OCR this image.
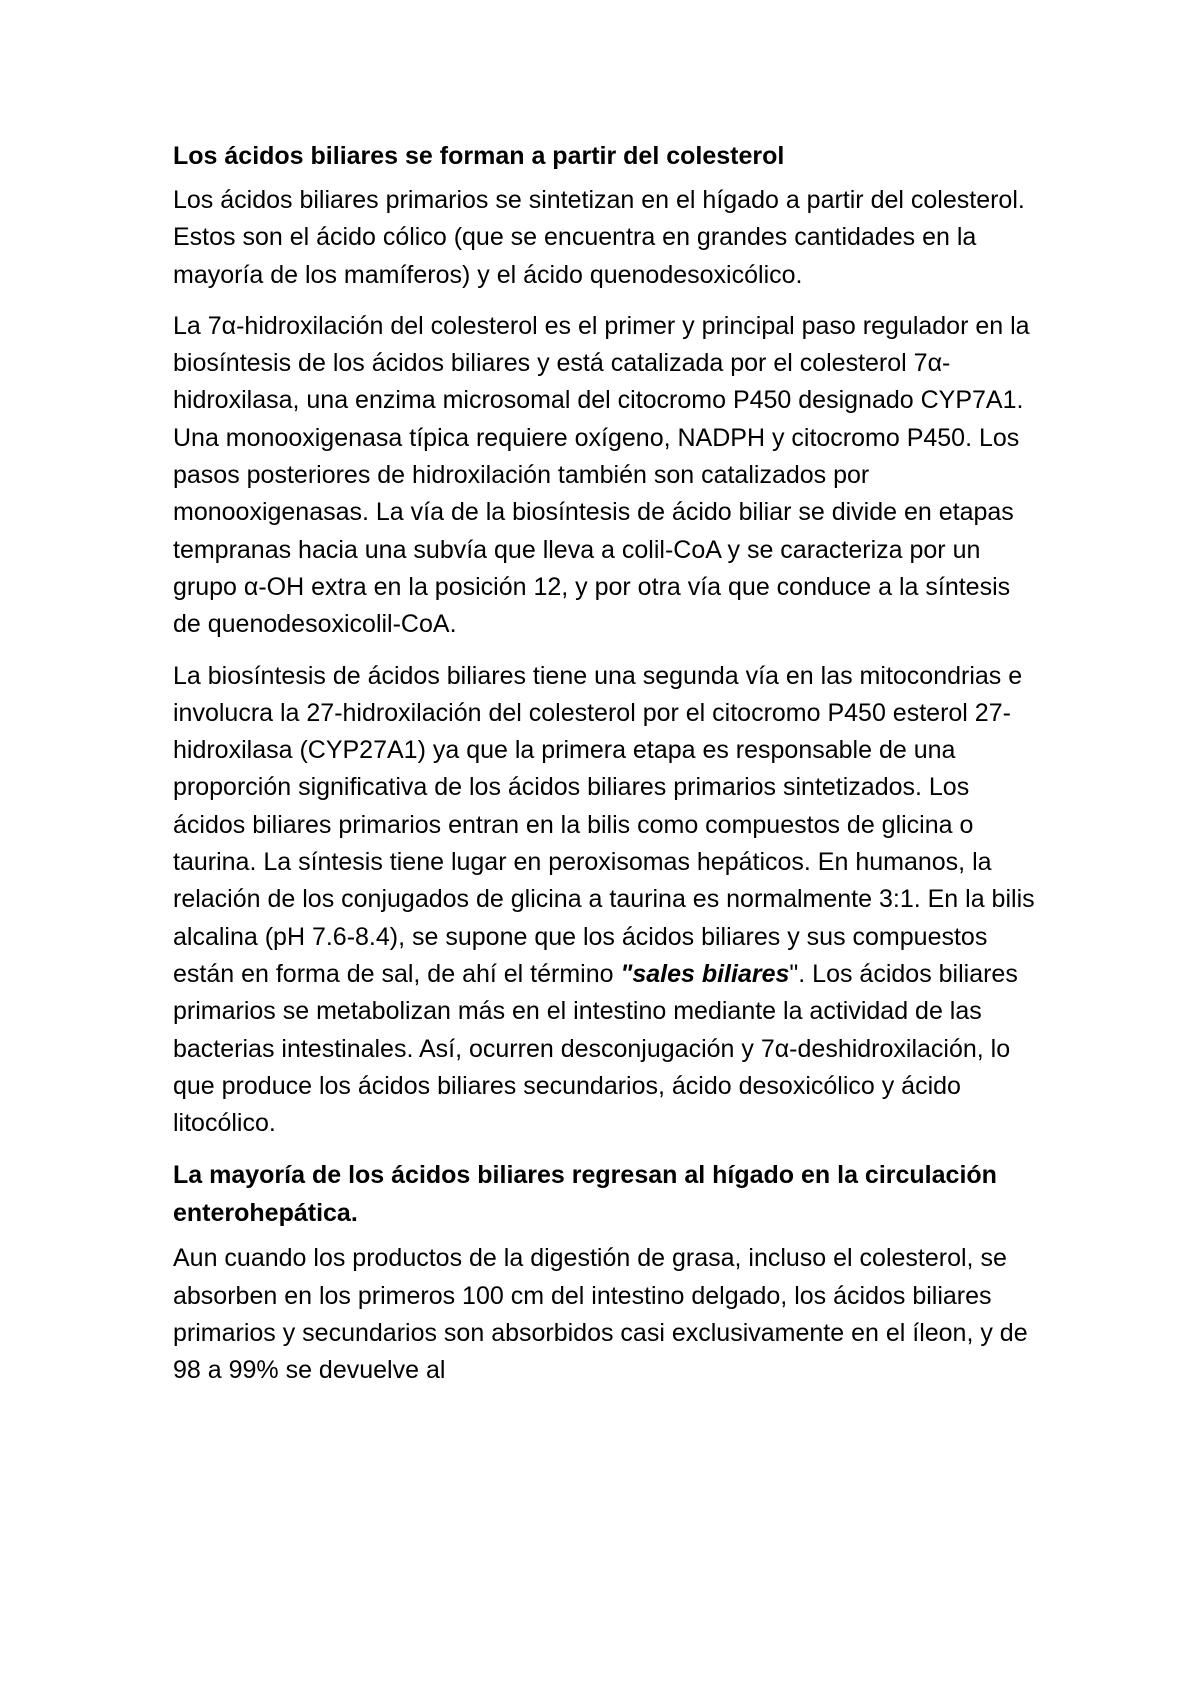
Los ácidos biliares se forman a partir del colesterol

Los ácidos biliares primarios se sintetizan en el hígado a partir del colesterol. Estos son el ácido cólico (que se encuentra en grandes cantidades en la mayoría de los mamíferos) y el ácido quenodesoxicólico.

La 7α-hidroxilación del colesterol es el primer y principal paso regulador en la biosíntesis de los ácidos biliares y está catalizada por el colesterol 7α-hidroxilasa, una enzima microsomal del citocromo P450 designado CYP7A1. Una monooxigenasa típica requiere oxígeno, NADPH y citocromo P450. Los pasos posteriores de hidroxilación también son catalizados por monooxigenasas. La vía de la biosíntesis de ácido biliar se divide en etapas tempranas hacia una subvía que lleva a colil-CoA y se caracteriza por un grupo α-OH extra en la posición 12, y por otra vía que conduce a la síntesis de quenodesoxicolil-CoA.

La biosíntesis de ácidos biliares tiene una segunda vía en las mitocondrias e involucra la 27-hidroxilación del colesterol por el citocromo P450 esterol 27-hidroxilasa (CYP27A1) ya que la primera etapa es responsable de una proporción significativa de los ácidos biliares primarios sintetizados. Los ácidos biliares primarios entran en la bilis como compuestos de glicina o taurina. La síntesis tiene lugar en peroxisomas hepáticos. En humanos, la relación de los conjugados de glicina a taurina es normalmente 3:1. En la bilis alcalina (pH 7.6-8.4), se supone que los ácidos biliares y sus compuestos están en forma de sal, de ahí el término "sales biliares". Los ácidos biliares primarios se metabolizan más en el intestino mediante la actividad de las bacterias intestinales. Así, ocurren desconjugación y 7α-deshidroxilación, lo que produce los ácidos biliares secundarios, ácido desoxicólico y ácido litocólico.

La mayoría de los ácidos biliares regresan al hígado en la circulación enterohepática.

Aun cuando los productos de la digestión de grasa, incluso el colesterol, se absorben en los primeros 100 cm del intestino delgado, los ácidos biliares primarios y secundarios son absorbidos casi exclusivamente en el íleon, y de 98 a 99% se devuelve al
